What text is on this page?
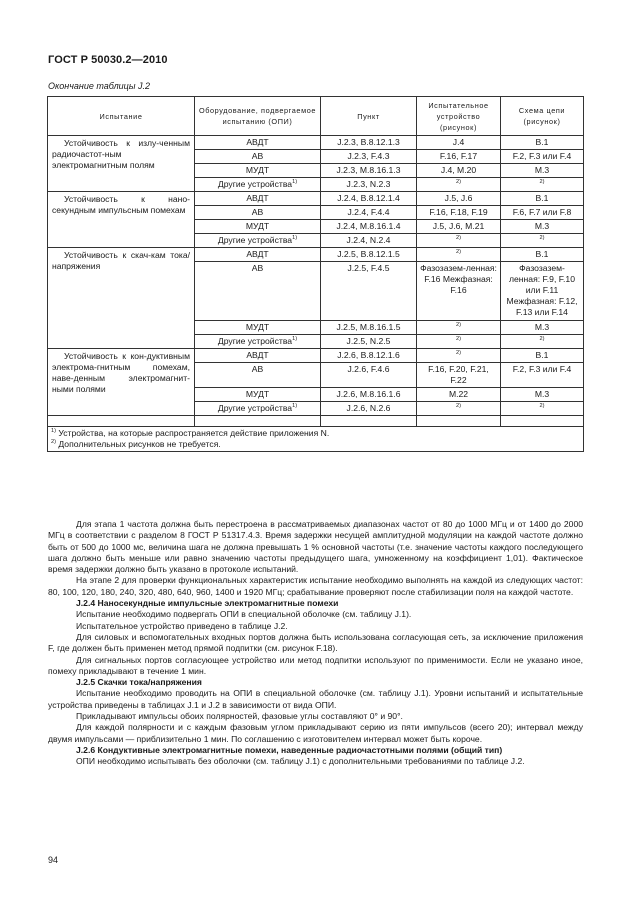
ГОСТ Р 50030.2—2010
Окончание таблицы J.2
Испытание	Оборудование, подвергаемое испытанию (ОПИ)	Пункт	Испытательное устройство (рисунок)	Схема цепи (рисунок)

Устойчивость к излу-ченным радиочастот-ным электромагнитным полям	АВДТ	J.2.3, В.8.12.1.3	J.4	В.1
	АВ	J.2.3, F.4.3	F.16, F.17	F.2, F.3 или F.4
	МУДТ	J.2.3, М.8.16.1.3	J.4, М.20	М.3
	Другие устройства$^{1)}$	J.2.3, N.2.3	$^{2)}$	$^{2)}$

Устойчивость к нано-секундным импульсным помехам	АВДТ	J.2.4, В.8.12.1.4	J.5, J.6	В.1
	АВ	J.2.4, F.4.4	F.16, F.18, F.19	F.6, F.7 или F.8
	МУДТ	J.2.4, М.8.16.1.4	J.5, J.6, М.21	М.3
	Другие устройства$^{1)}$	J.2.4, N.2.4	$^{2)}$	$^{2)}$

Устойчивость к скач-кам тока/напряжения	АВДТ	J.2.5, В.8.12.1.5	$^{2)}$	В.1
	АВ	J.2.5, F.4.5	Фазозазем-ленная: F.16 Межфазная: F.16	Фазозазем-ленная: F.9, F.10 или F.11 Межфазная: F.12, F.13 или F.14
	МУДТ	J.2.5, М.8.16.1.5	$^{2)}$	М.3
	Другие устройства$^{1)}$	J.2.5, N.2.5	$^{2)}$	$^{2)}$

Устойчивость к кон-дуктивным электрома-гнитным помехам, наве-денным электромагнит-ными полями	АВДТ	J.2.6, В.8.12.1.6	$^{2)}$	В.1
	АВ	J.2.6, F.4.6	F.16, F.20, F.21, F.22	F.2, F.3 или F.4
	МУДТ	J.2.6, М.8.16.1.6	М.22	М.3
	Другие устройства$^{1)}$	J.2.6, N.2.6	$^{2)}$	$^{2)}$

$^{1)}$ Устройства, на которые распространяется действие приложения N.
$^{2)}$ Дополнительных рисунков не требуется.				

Для этапа 1 частота должна быть перестроена в рассматриваемых диапазонах частот от 80 до 1000 МГц и от 1400 до 2000 МГц в соответствии с разделом 8 ГОСТ Р 51317.4.3. Время задержки несущей амплитудной модуляции на каждой частоте должно быть от 500 до 1000 мс, величина шага не должна превышать 1 % основной частоты (т.е. значение частоты каждого последующего шага должно быть меньше или равно значению частоты предыдущего шага, умноженному на коэффициент 1,01). Фактическое время задержки должно быть указано в протоколе испытаний.

На этапе 2 для проверки функциональных характеристик испытание необходимо выполнять на каждой из следующих частот: 80, 100, 120, 180, 240, 320, 480, 640, 960, 1400 и 1920 МГц; срабатывание проверяют после стабилизации поля на каждой частоте.

J.2.4 Наносекундные импульсные электромагнитные помехи

Испытание необходимо подвергать ОПИ в специальной оболочке (см. таблицу J.1).

Испытательное устройство приведено в таблице J.2.

Для силовых и вспомогательных входных портов должна быть использована согласующая сеть, за исключение приложения F, где должен быть применен метод прямой подпитки (см. рисунок F.18).

Для сигнальных портов согласующее устройство или метод подпитки используют по применимости. Если не указано иное, помеху прикладывают в течение 1 мин.

J.2.5 Скачки тока/напряжения

Испытание необходимо проводить на ОПИ в специальной оболочке (см. таблицу J.1). Уровни испытаний и испытательные устройства приведены в таблицах J.1 и J.2 в зависимости от вида ОПИ.

Прикладывают импульсы обоих полярностей, фазовые углы составляют 0° и 90°.

Для каждой полярности и с каждым фазовым углом прикладывают серию из пяти импульсов (всего 20); интервал между двумя импульсами — приблизительно 1 мин. По соглашению с изготовителем интервал может быть короче.

J.2.6 Кондуктивные электромагнитные помехи, наведенные радиочастотными полями (общий тип)

ОПИ необходимо испытывать без оболочки (см. таблицу J.1) с дополнительными требованиями по таблице J.2.

94
